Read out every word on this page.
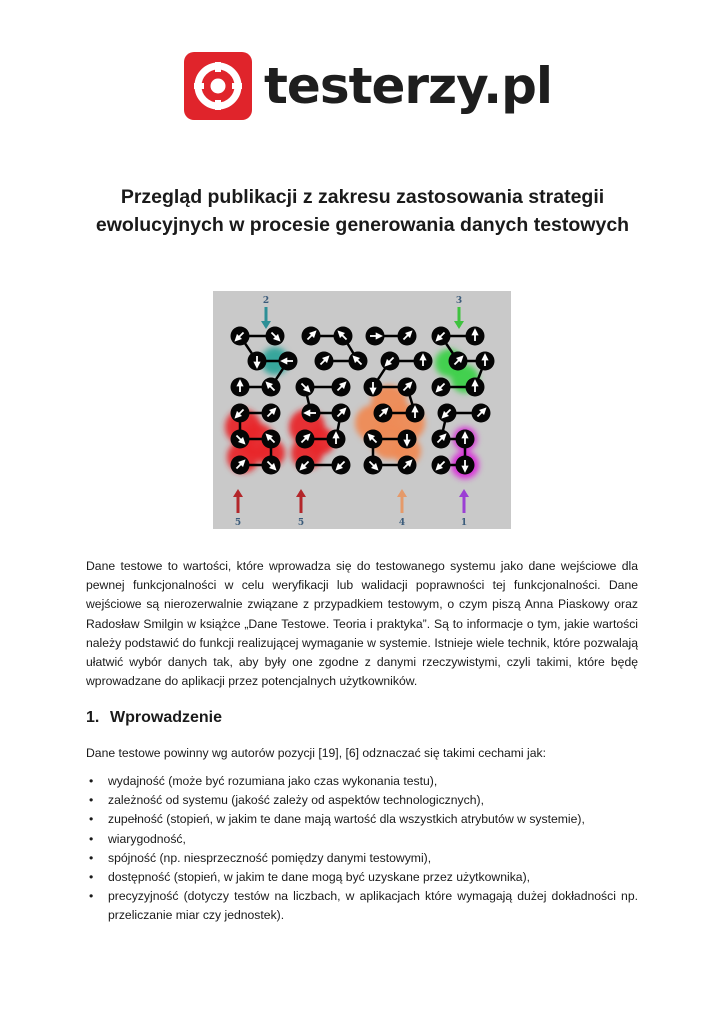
testerzy.pl
Przegląd publikacji z zakresu zastosowania strategii
ewolucyjnych w procesie generowania danych testowych
2	3
5	5	4	1
Dane testowe to wartości, które wprowadza się do testowanego systemu jako dane wejściowe dla pewnej funkcjonalności w celu weryfikacji lub walidacji poprawności tej funkcjonalności. Dane wejściowe są nierozerwalnie związane z przypadkiem testowym, o czym piszą Anna Piaskowy oraz Radosław Smilgin w książce „Dane Testowe. Teoria i praktyka”. Są to informacje o tym, jakie wartości należy podstawić do funkcji realizującej wymaganie w systemie. Istnieje wiele technik, które pozwalają ułatwić wybór danych tak, aby były one zgodne z danymi rzeczywistymi, czyli takimi, które będę wprowadzane do aplikacji przez potencjalnych użytkowników.
1. Wprowadzenie
Dane testowe powinny wg autorów pozycji [19], [6] odznaczać się takimi cechami jak:
• wydajność (może być rozumiana jako czas wykonania testu),
• zależność od systemu (jakość zależy od aspektów technologicznych),
• zupełność (stopień, w jakim te dane mają wartość dla wszystkich atrybutów w systemie),
• wiarygodność,
• spójność (np. niesprzeczność pomiędzy danymi testowymi),
• dostępność (stopień, w jakim te dane mogą być uzyskane przez użytkownika),
• precyzyjność (dotyczy testów na liczbach, w aplikacjach które wymagają dużej dokładności np. przeliczanie miar czy jednostek).
